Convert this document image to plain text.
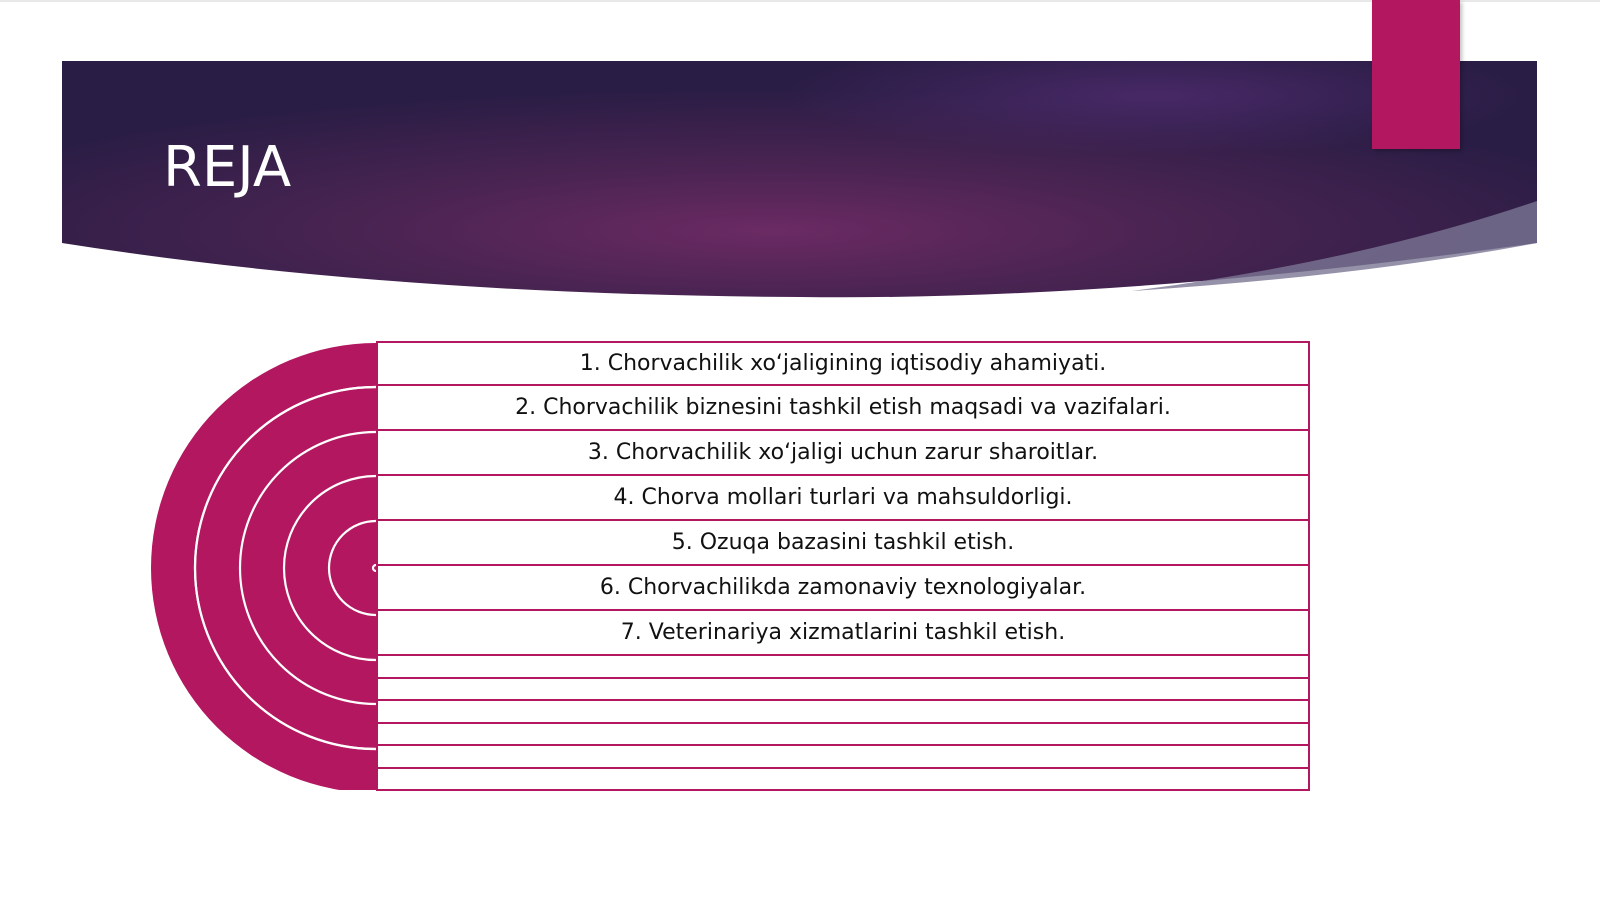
REJA
1. Chorvachilik xo‘jaligining iqtisodiy ahamiyati.
2. Chorvachilik biznesini tashkil etish maqsadi va vazifalari.
3. Chorvachilik xo‘jaligi uchun zarur sharoitlar.
4. Chorva mollari turlari va mahsuldorligi.
5. Ozuqa bazasini tashkil etish.
6. Chorvachilikda zamonaviy texnologiyalar.
7. Veterinariya xizmatlarini tashkil etish.
